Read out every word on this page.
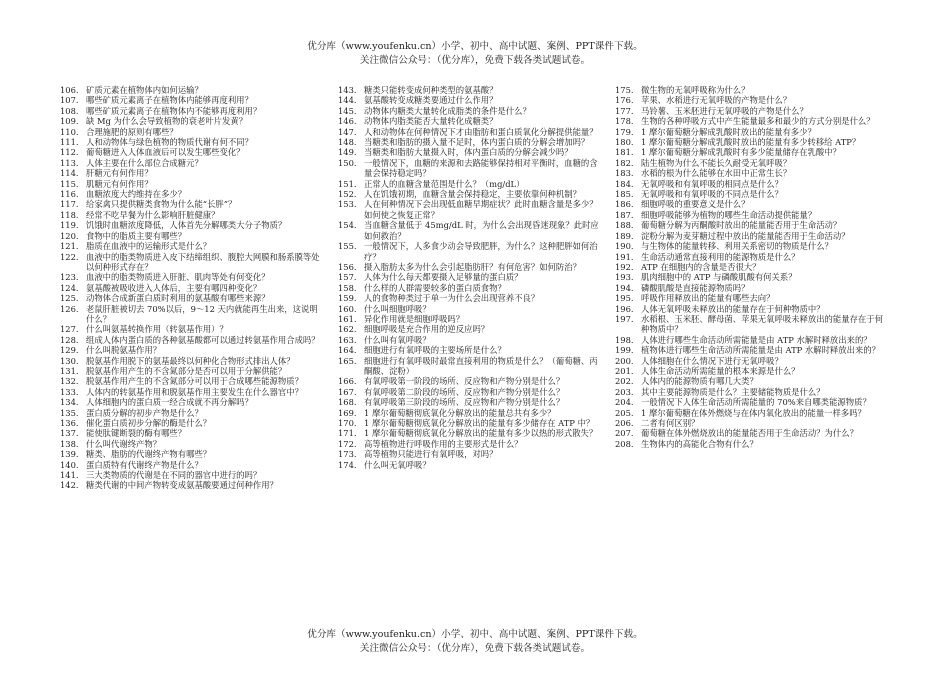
优分库（www.youfenku.cn）小学、初中、高中试题、案例、PPT课件下载。
关注微信公众号：（优分库），免费下载各类试题试卷。
106. 矿质元素在植物体内如何运输？
107. 哪些矿质元素离子在植物体内能够再度利用？
108. 哪些矿质元素离子在植物体内不能够再度利用？
109. 缺 Mg 为什么会导致植物的衰老叶片发黄？
110. 合理施肥的原则有哪些？
111. 人和动物体与绿色植物的物质代谢有何不同？
112. 葡萄糖进入人体血液后可以发生哪些变化？
113. 人体主要在什么部位合成糖元？
114. 肝糖元有何作用？
115. 肌糖元有何作用？
116. 血糖浓度大约维持在多少？
117. 给家禽只提供糖类食物为什么能“长胖”？
118. 经常不吃早餐为什么影响肝脏健康？
119. 饥饿时血糖浓度降低，人体首先分解哪类大分子物质？
120. 食物中的脂质主要有哪些？
121. 脂质在血液中的运输形式是什么？
122. 血液中的脂类物质进入皮下结缔组织、腹腔大网膜和肠系膜等处以何种形式存在？
123. 血液中的脂类物质进入肝脏、肌肉等处有何变化？
124. 氨基酸被吸收进入人体后，主要有哪四种变化？
125. 动物体合成新蛋白质时利用的氨基酸有哪些来源？
126. 老鼠肝脏被切去 70%以后，9～12 天内就能再生出来，这说明什么？
127. 什么叫氨基转换作用（转氨基作用）？
128. 组成人体内蛋白质的各种氨基酸都可以通过转氨基作用合成吗？
129. 什么叫脱氨基作用？
130. 脱氨基作用脱下的氨基最终以何种化合物形式排出人体？
131. 脱氨基作用产生的不含氮部分是否可以用于分解供能？
132. 脱氨基作用产生的不含氮部分可以用于合成哪些能源物质？
133. 人体内的转氨基作用和脱氨基作用主要发生在什么器官中？
134. 人体细胞内的蛋白质一经合成就不再分解吗？
135. 蛋白质分解的初步产物是什么？
136. 催化蛋白质初步分解的酶是什么？
137. 能使肽键断裂的酶有哪些？
138. 什么叫代谢终产物？
139. 糖类、脂肪的代谢终产物有哪些？
140. 蛋白质特有代谢终产物是什么？
141. 三大类物质的代谢是在不同的器官中进行的吗？
142. 糖类代谢的中间产物转变成氨基酸要通过何种作用？
143. 糖类只能转变成何种类型的氨基酸？
144. 氨基酸转变成糖类要通过什么作用？
145. 动物体内糖类大量转化成脂类的条件是什么？
146. 动物体内脂类能否大量转化成糖类？
147. 人和动物体在何种情况下才由脂肪和蛋白质氧化分解提供能量？
148. 当糖类和脂肪的摄入量不足时，体内蛋白质的分解会增加吗？
149. 当糖类和脂肪大量摄入时，体内蛋白质的分解会减少吗？
150. 一般情况下，血糖的来源和去路能够保持相对平衡时，血糖的含量会保持稳定吗？
151. 正常人的血糖含量范围是什么？（mg/dL）
152. 人在饥饿初期，血糖含量会保持稳定，主要依靠何种机制？
153. 人在何种情况下会出现低血糖早期症状？此时血糖含量是多少？如何使之恢复正常？
154. 当血糖含量低于 45mg/dL 时，为什么会出现昏迷现象？此时应如何救治？
155. 一般情况下，人多食少动会导致肥胖，为什么？这种肥胖如何治疗？
156. 摄入脂肪太多为什么会引起脂肪肝？有何危害？如何防治？
157. 人体为什么每天都要摄入足够量的蛋白质？
158. 什么样的人群需要较多的蛋白质食物？
159. 人的食物种类过于单一为什么会出现营养不良？
160. 什么叫细胞呼吸？
161. 异化作用就是细胞呼吸吗？
162. 细胞呼吸是充合作用的逆反应吗？
163. 什么叫有氧呼吸？
164. 细胞进行有氧呼吸的主要场所是什么？
165. 细胞进行有氧呼吸时最常直接利用的物质是什么？（葡萄糖、丙酮酸、淀粉）
166. 有氧呼吸第一阶段的场所、反应物和产物分别是什么？
167. 有氧呼吸第二阶段的场所、反应物和产物分别是什么？
168. 有氧呼吸第三阶段的场所、反应物和产物分别是什么？
169. 1 摩尔葡萄糖彻底氧化分解放出的能量总共有多少？
170. 1 摩尔葡萄糖彻底氧化分解放出的能量有多少储存在 ATP 中？
171. 1 摩尔葡萄糖彻底氧化分解放出的能量有多少以热的形式散失？
172. 高等植物进行呼吸作用的主要形式是什么？
173. 高等植物只能进行有氧呼吸，对吗？
174. 什么叫无氧呼吸？
175. 微生物的无氧呼吸称为什么？
176. 苹果、水稻进行无氧呼吸的产物是什么？
177. 马铃薯、玉米胚进行无氧呼吸的产物是什么？
178. 生物的各种呼吸方式中产生能量最多和最少的方式分别是什么？
179. 1 摩尔葡萄糖分解成乳酸时放出的能量有多少？
180. 1 摩尔葡萄糖分解成乳酸时放出的能量有多少转移给 ATP？
181. 1 摩尔葡萄糖分解成乳酸时有多少能量储存在乳酸中？
182. 陆生植物为什么不能长久耐受无氧呼吸？
183. 水稻的根为什么能够在水田中正常生长？
184. 无氧呼吸和有氧呼吸的相同点是什么？
185. 无氧呼吸和有氧呼吸的不同点是什么？
186. 细胞呼吸的重要意义是什么？
187. 细胞呼吸能够为植物的哪些生命活动提供能量？
188. 葡萄糖分解为丙酮酸时放出的能量能否用于生命活动？
189. 淀粉分解为麦芽糖过程中放出的能量能否用于生命活动？
190. 与生物体的能量转移、利用关系密切的物质是什么？
191. 生命活动通常直接利用的能源物质是什么？
192. ATP 在细胞内的含量是否很大？
193. 肌肉细胞中的 ATP 与磷酸肌酸有何关系？
194. 磷酸肌酸是直接能源物质吗？
195. 呼吸作用释放出的能量有哪些去向？
196. 人体无氧呼吸未释放出的能量存在于何种物质中？
197. 水稻根、玉米胚、酵母菌、苹果无氧呼吸未释放出的能量存在于何种物质中？
198. 人体进行哪些生命活动所需能量是由 ATP 水解时释放出来的？
199. 植物体进行哪些生命活动所需能量是由 ATP 水解时释放出来的？
200. 人体细胞在什么情况下进行无氧呼吸？
201. 人体生命活动所需能量的根本来源是什么？
202. 人体内的能源物质有哪几大类？
203. 其中主要能源物质是什么？主要储能物质是什么？
204. 一般情况下人体生命活动所需能量的 70%来自哪类能源物质？
205. 1 摩尔葡萄糖在体外燃烧与在体内氧化放出的能量一样多吗？
206. 二者有何区别？
207. 葡萄糖在体外燃烧放出的能量能否用于生命活动？为什么？
208. 生物体内的高能化合物有什么？
优分库（www.youfenku.cn）小学、初中、高中试题、案例、PPT课件下载。
关注微信公众号：（优分库），免费下载各类试题试卷。
